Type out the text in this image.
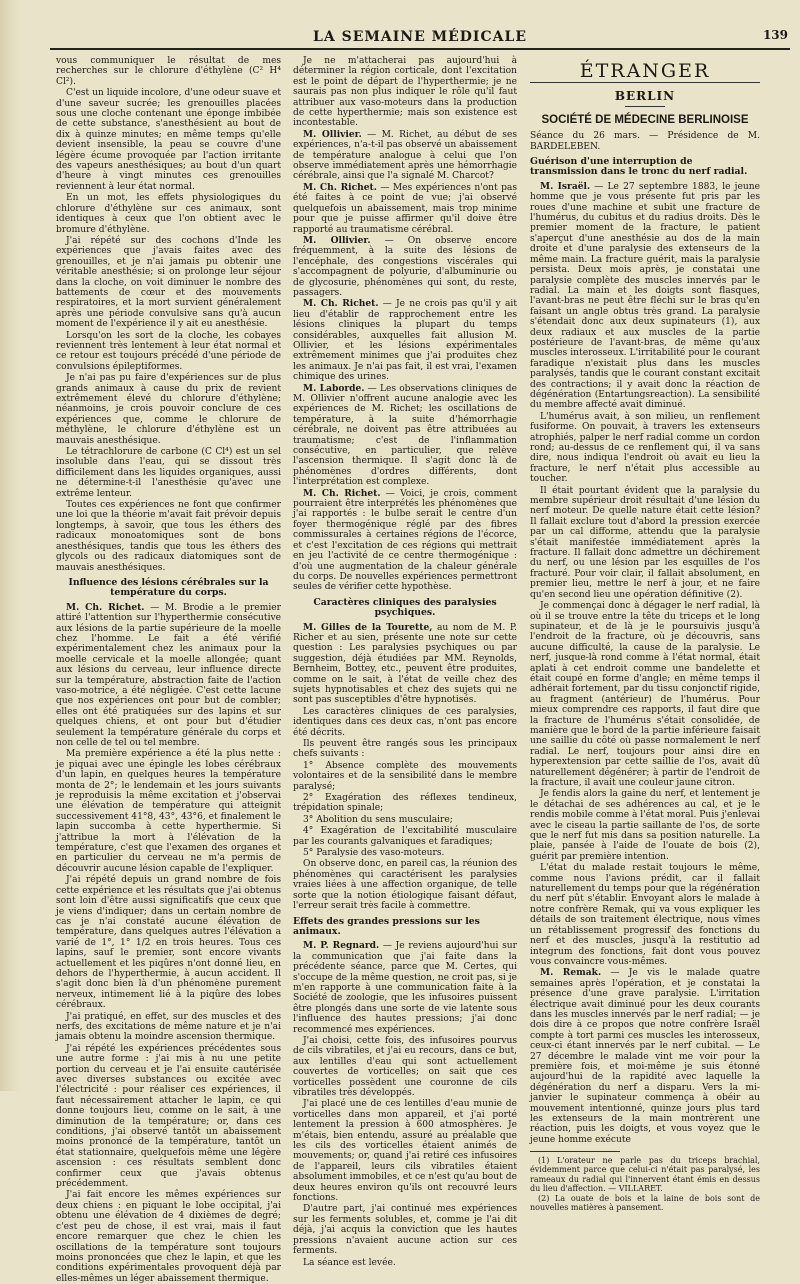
LA SEMAINE MÉDICALE	139

vous communiquer le résultat de mes recherches sur le chlorure d'éthylène (C² H⁴ Cl²).

C'est un liquide incolore, d'une odeur suave et d'une saveur sucrée; les grenouilles placées sous une cloche contenant une éponge imbibée de cette substance, s'anesthésient au bout de dix à quinze minutes; en même temps qu'elle devient insensible, la peau se couvre d'une légère écume provoquée par l'action irritante des vapeurs anesthésiques; au bout d'un quart d'heure à vingt minutes ces grenouilles reviennent à leur état normal.

En un mot, les effets physiologiques du chlorure d'éthylène sur ces animaux, sont identiques à ceux que l'on obtient avec le bromure d'éthylène.

J'ai répété sur des cochons d'Inde les expériences que j'avais faites avec des grenouilles, et je n'ai jamais pu obtenir une véritable anesthésie; si on prolonge leur séjour dans la cloche, on voit diminuer le nombre des battements de cœur et des mouvements respiratoires, et la mort survient généralement après une période convulsive sans qu'à aucun moment de l'expérience il y ait eu anesthésie.

Lorsqu'on les sort de la cloche, les cobayes reviennent très lentement à leur état normal et ce retour est toujours précédé d'une période de convulsions épileptiformes.

Je n'ai pas pu faire d'expériences sur de plus grands animaux à cause du prix de revient extrêmement élevé du chlorure d'éthylène; néanmoins, je crois pouvoir conclure de ces expériences que, comme le chlorure de méthylène, le chlorure d'éthylène est un mauvais anesthésique.

Le tétrachlorure de carbone (C Cl⁴) est un sel insoluble dans l'eau, qui se dissout très difficilement dans les liquides organiques, aussi ne détermine-t-il l'anesthésie qu'avec une extrême lenteur.

Toutes ces expériences ne font que confirmer une loi que la théorie m'avait fait prévoir depuis longtemps, à savoir, que tous les éthers des radicaux monoatomiques sont de bons anesthésiques, tandis que tous les éthers des glycols ou des radicaux diatomiques sont de mauvais anesthésiques.

Influence des lésions cérébrales sur la température du corps.

M. Ch. Richet. — M. Brodie a le premier attiré l'attention sur l'hyperthermie consécutive aux lésions de la partie supérieure de la moelle chez l'homme. Le fait a été vérifié expérimentalement chez les animaux pour la moelle cervicale et la moelle allongée; quant aux lésions du cerveau, leur influence directe sur la température, abstraction faite de l'action vaso-motrice, a été négligée. C'est cette lacune que nos expériences ont pour but de combler; elles ont été pratiquées sur des lapins et sur quelques chiens, et ont pour but d'étudier seulement la température générale du corps et non celle de tel ou tel membre.

Ma première expérience a été la plus nette : je piquai avec une épingle les lobes cérébraux d'un lapin, en quelques heures la température monta de 2°; le lendemain et les jours suivants je reproduisis la même excitation et j'observai une élévation de température qui atteignit successivement 41°8, 43°, 43°6, et finalement le lapin succomba à cette hyperthermie. Si j'attribue la mort à l'élévation de la température, c'est que l'examen des organes et en particulier du cerveau ne m'a permis de découvrir aucune lésion capable de l'expliquer.

J'ai répété depuis un grand nombre de fois cette expérience et les résultats que j'ai obtenus sont loin d'être aussi significatifs que ceux que je viens d'indiquer; dans un certain nombre de cas je n'ai constaté aucune élévation de température, dans quelques autres l'élévation a varié de 1°, 1° 1/2 en trois heures. Tous ces lapins, sauf le premier, sont encore vivants actuellement et les piqûres n'ont donné lieu, en dehors de l'hyperthermie, à aucun accident. Il s'agit donc bien là d'un phénomène purement nerveux, intimement lié à la piqûre des lobes cérébraux.

J'ai pratiqué, en effet, sur des muscles et des nerfs, des excitations de même nature et je n'ai jamais obtenu la moindre ascension thermique.

J'ai répété les expériences précédentes sous une autre forme : j'ai mis à nu une petite portion du cerveau et je l'ai ensuite cautérisée avec diverses substances ou excitée avec l'électricité : pour réaliser ces expériences, il faut nécessairement attacher le lapin, ce qui donne toujours lieu, comme on le sait, à une diminution de la température; or, dans ces conditions, j'ai observé tantôt un abaissement moins prononcé de la température, tantôt un état stationnaire, quelquefois même une légère ascension : ces résultats semblent donc confirmer ceux que j'avais obtenus précédemment.

J'ai fait encore les mêmes expériences sur deux chiens : en piquant le lobe occipital, j'ai obtenu une élévation de 4 dixièmes de degré; c'est peu de chose, il est vrai, mais il faut encore remarquer que chez le chien les oscillations de la température sont toujours moins prononcées que chez le lapin, et que les conditions expérimentales provoquent déjà par elles-mêmes un léger abaissement thermique.

Je ne m'attacherai pas aujourd'hui à déterminer la région corticale, dont l'excitation est le point de départ de l'hyperthermie; je ne saurais pas non plus indiquer le rôle qu'il faut attribuer aux vaso-moteurs dans la production de cette hyperthermie; mais son existence est incontestable.

M. Ollivier. — M. Richet, au début de ses expériences, n'a-t-il pas observé un abaissement de température analogue à celui que l'on observe immédiatement après une hémorrhagie cérébrale, ainsi que l'a signalé M. Charcot?

M. Ch. Richet. — Mes expériences n'ont pas été faites à ce point de vue; j'ai observé quelquefois un abaissement, mais trop minime pour que je puisse affirmer qu'il doive être rapporté au traumatisme cérébral.

M. Ollivier. — On observe encore fréquemment, à la suite des lésions de l'encéphale, des congestions viscérales qui s'accompagnent de polyurie, d'albuminurie ou de glycosurie, phénomènes qui sont, du reste, passagers.

M. Ch. Richet. — Je ne crois pas qu'il y ait lieu d'établir de rapprochement entre les lésions cliniques la plupart du temps considérables, auxquelles fait allusion M. Ollivier, et les lésions expérimentales extrêmement minimes que j'ai produites chez les animaux. Je n'ai pas fait, il est vrai, l'examen chimique des urines.

M. Laborde. — Les observations cliniques de M. Ollivier n'offrent aucune analogie avec les expériences de M. Richet; les oscillations de température, à la suite d'hémorrhagie cérébrale, ne doivent pas être attribuées au traumatisme; c'est de l'inflammation consécutive, en particulier, que relève l'ascension thermique. Il s'agit donc là de phénomènes d'ordres différents, dont l'interprétation est complexe.

M. Ch. Richet. — Voici, je crois, comment pourraient être interprétés les phénomènes que j'ai rapportés : le bulbe serait le centre d'un foyer thermogénique réglé par des fibres commissurales à certaines régions de l'écorce, et c'est l'excitation de ces régions qui mettrait en jeu l'activité de ce centre thermogénique : d'où une augmentation de la chaleur générale du corps. De nouvelles expériences permettront seules de vérifier cette hypothèse.

Caractères cliniques des paralysies psychiques.

M. Gilles de la Tourette, au nom de M. P. Richer et au sien, présente une note sur cette question : Les paralysies psychiques ou par suggestion, déjà étudiées par MM. Reynolds, Bernheim, Bottey, etc., peuvent être produites, comme on le sait, à l'état de veille chez des sujets hypnotisables et chez des sujets qui ne sont pas susceptibles d'être hypnotisés.

Les caractères cliniques de ces paralysies, identiques dans ces deux cas, n'ont pas encore été décrits.

Ils peuvent être rangés sous les principaux chefs suivants :

1° Absence complète des mouvements volontaires et de la sensibilité dans le membre paralysé;

2° Exagération des réflexes tendineux, trépidation spinale;

3° Abolition du sens musculaire;

4° Exagération de l'excitabilité musculaire par les courants galvaniques et faradiques;

5° Paralysie des vaso-moteurs.

On observe donc, en pareil cas, la réunion des phénomènes qui caractérisent les paralysies vraies liées à une affection organique, de telle sorte que la notion étiologique faisant défaut, l'erreur serait très facile à commettre.

Effets des grandes pressions sur les animaux.

M. P. Regnard. — Je reviens aujourd'hui sur la communication que j'ai faite dans la précédente séance, parce que M. Certes, qui s'occupe de la même question, ne croit pas, si je m'en rapporte à une communication faite à la Société de zoologie, que les infusoires puissent être plongés dans une sorte de vie latente sous l'influence des hautes pressions; j'ai donc recommencé mes expériences.

J'ai choisi, cette fois, des infusoires pourvus de cils vibratiles, et j'ai eu recours, dans ce but, aux lentilles d'eau qui sont actuellement couvertes de vorticelles; on sait que ces vorticelles possèdent une couronne de cils vibratiles très développés.

J'ai placé une de ces lentilles d'eau munie de vorticelles dans mon appareil, et j'ai porté lentement la pression à 600 atmosphères. Je m'étais, bien entendu, assuré au préalable que les cils des vorticelles étaient animés de mouvements; or, quand j'ai retiré ces infusoires de l'appareil, leurs cils vibratiles étaient absolument immobiles, et ce n'est qu'au bout de deux heures environ qu'ils ont recouvré leurs fonctions.

D'autre part, j'ai continué mes expériences sur les ferments solubles, et, comme je l'ai dit déjà, j'ai acquis la conviction que les hautes pressions n'avaient aucune action sur ces ferments.

La séance est levée.

ÉTRANGER
BERLIN
SOCIÉTÉ DE MÉDECINE BERLINOISE

Séance du 26 mars. — Présidence de M. BARDELEBEN.

Guérison d'une interruption de transmission dans le tronc du nerf radial.

M. Israël. — Le 27 septembre 1883, le jeune homme que je vous présente fut pris par les roues d'une machine et subit une fracture de l'humérus, du cubitus et du radius droits. Dès le premier moment de la fracture, le patient s'aperçut d'une anesthésie au dos de la main droite et d'une paralysie des extenseurs de la même main. La fracture guérit, mais la paralysie persista. Deux mois après, je constatai une paralysie complète des muscles innervés par le radial. La main et les doigts sont flasques, l'avant-bras ne peut être fléchi sur le bras qu'en faisant un angle obtus très grand. La paralysie s'étendait donc aux deux supinateurs (1), aux deux radiaux et aux muscles de la partie postérieure de l'avant-bras, de même qu'aux muscles interosseux. L'irritabilité pour le courant faradique n'existait plus dans les muscles paralysés, tandis que le courant constant excitait des contractions; il y avait donc la réaction de dégénération (Entartungsreaction). La sensibilité du membre affecté avait diminué.

L'humérus avait, à son milieu, un renflement fusiforme. On pouvait, à travers les extenseurs atrophiés, palper le nerf radial comme un cordon rond; au-dessus de ce renflement qui, il va sans dire, nous indiqua l'endroit où avait eu lieu la fracture, le nerf n'était plus accessible au toucher.

Il était pourtant évident que la paralysie du membre supérieur droit résultait d'une lésion du nerf moteur. De quelle nature était cette lésion? Il fallait exclure tout d'abord la pression exercée par un cal difforme, attendu que la paralysie s'était manifestée immédiatement après la fracture. Il fallait donc admettre un déchirement du nerf, ou une lésion par les esquilles de l'os fracturé. Pour voir clair, il fallait absolument, en premier lieu, mettre le nerf à jour, et ne faire qu'en second lieu une opération définitive (2).

Je commençai donc à dégager le nerf radial, là où il se trouve entre la tête du triceps et le long supinateur, et de là je le poursuivis jusqu'à l'endroit de la fracture, où je découvris, sans aucune difficulté, la cause de la paralysie. Le nerf, jusque-là rond comme à l'état normal, était aplati à cet endroit comme une bandelette et était coupé en forme d'angle; en même temps il adhérait fortement, par du tissu conjonctif rigide, au fragment (antérieur) de l'humérus. Pour mieux comprendre ces rapports, il faut dire que la fracture de l'humérus s'était consolidée, de manière que le bord de la partie inférieure faisait une saillie du côté où passe normalement le nerf radial. Le nerf, toujours pour ainsi dire en hyperextension par cette saillie de l'os, avait dû naturellement dégénérer; à partir de l'endroit de la fracture, il avait une couleur jaune citron.

Je fendis alors la gaine du nerf, et lentement je le détachai de ses adhérences au cal, et je le rendis mobile comme à l'état moral. Puis j'enlevai avec le ciseau la partie saillante de l'os, de sorte que le nerf fut mis dans sa position naturelle. La plaie, pansée à l'aide de l'ouate de bois (2), guérit par première intention.

L'état du malade restait toujours le même, comme nous l'avions prédit, car il fallait naturellement du temps pour que la régénération du nerf pût s'établir. Envoyant alors le malade à notre confrère Remak, qui va vous expliquer les détails de son traitement électrique, nous vîmes un rétablissement progressif des fonctions du nerf et des muscles, jusqu'à la restitutio ad integrum des fonctions, fait dont vous pouvez vous convaincre vous-mêmes.

M. Remak. — Je vis le malade quatre semaines après l'opération, et je constatai la présence d'une grave paralysie. L'irritation électrique avait diminué pour les deux courants dans les muscles innervés par le nerf radial; — je dois dire à ce propos que notre confrère Israël compte à tort parmi ces muscles les interosseux, ceux-ci étant innervés par le nerf cubital. — Le 27 décembre le malade vint me voir pour la première fois, et moi-même je suis étonné aujourd'hui de la rapidité avec laquelle la dégénération du nerf a disparu. Vers la mi-janvier le supinateur commença à obéir au mouvement intentionné, quinze jours plus tard les extenseurs de la main montrèrent une réaction, puis les doigts, et vous voyez que le jeune homme exécute

(1) L'orateur ne parle pas du triceps brachial, évidemment parce que celui-ci n'était pas paralysé, les rameaux du radial qui l'innervent étant émis en dessus du lieu d'affection. — VILLARET.

(2) La ouate de bois et la laine de bois sont de nouvelles matières à pansement.
